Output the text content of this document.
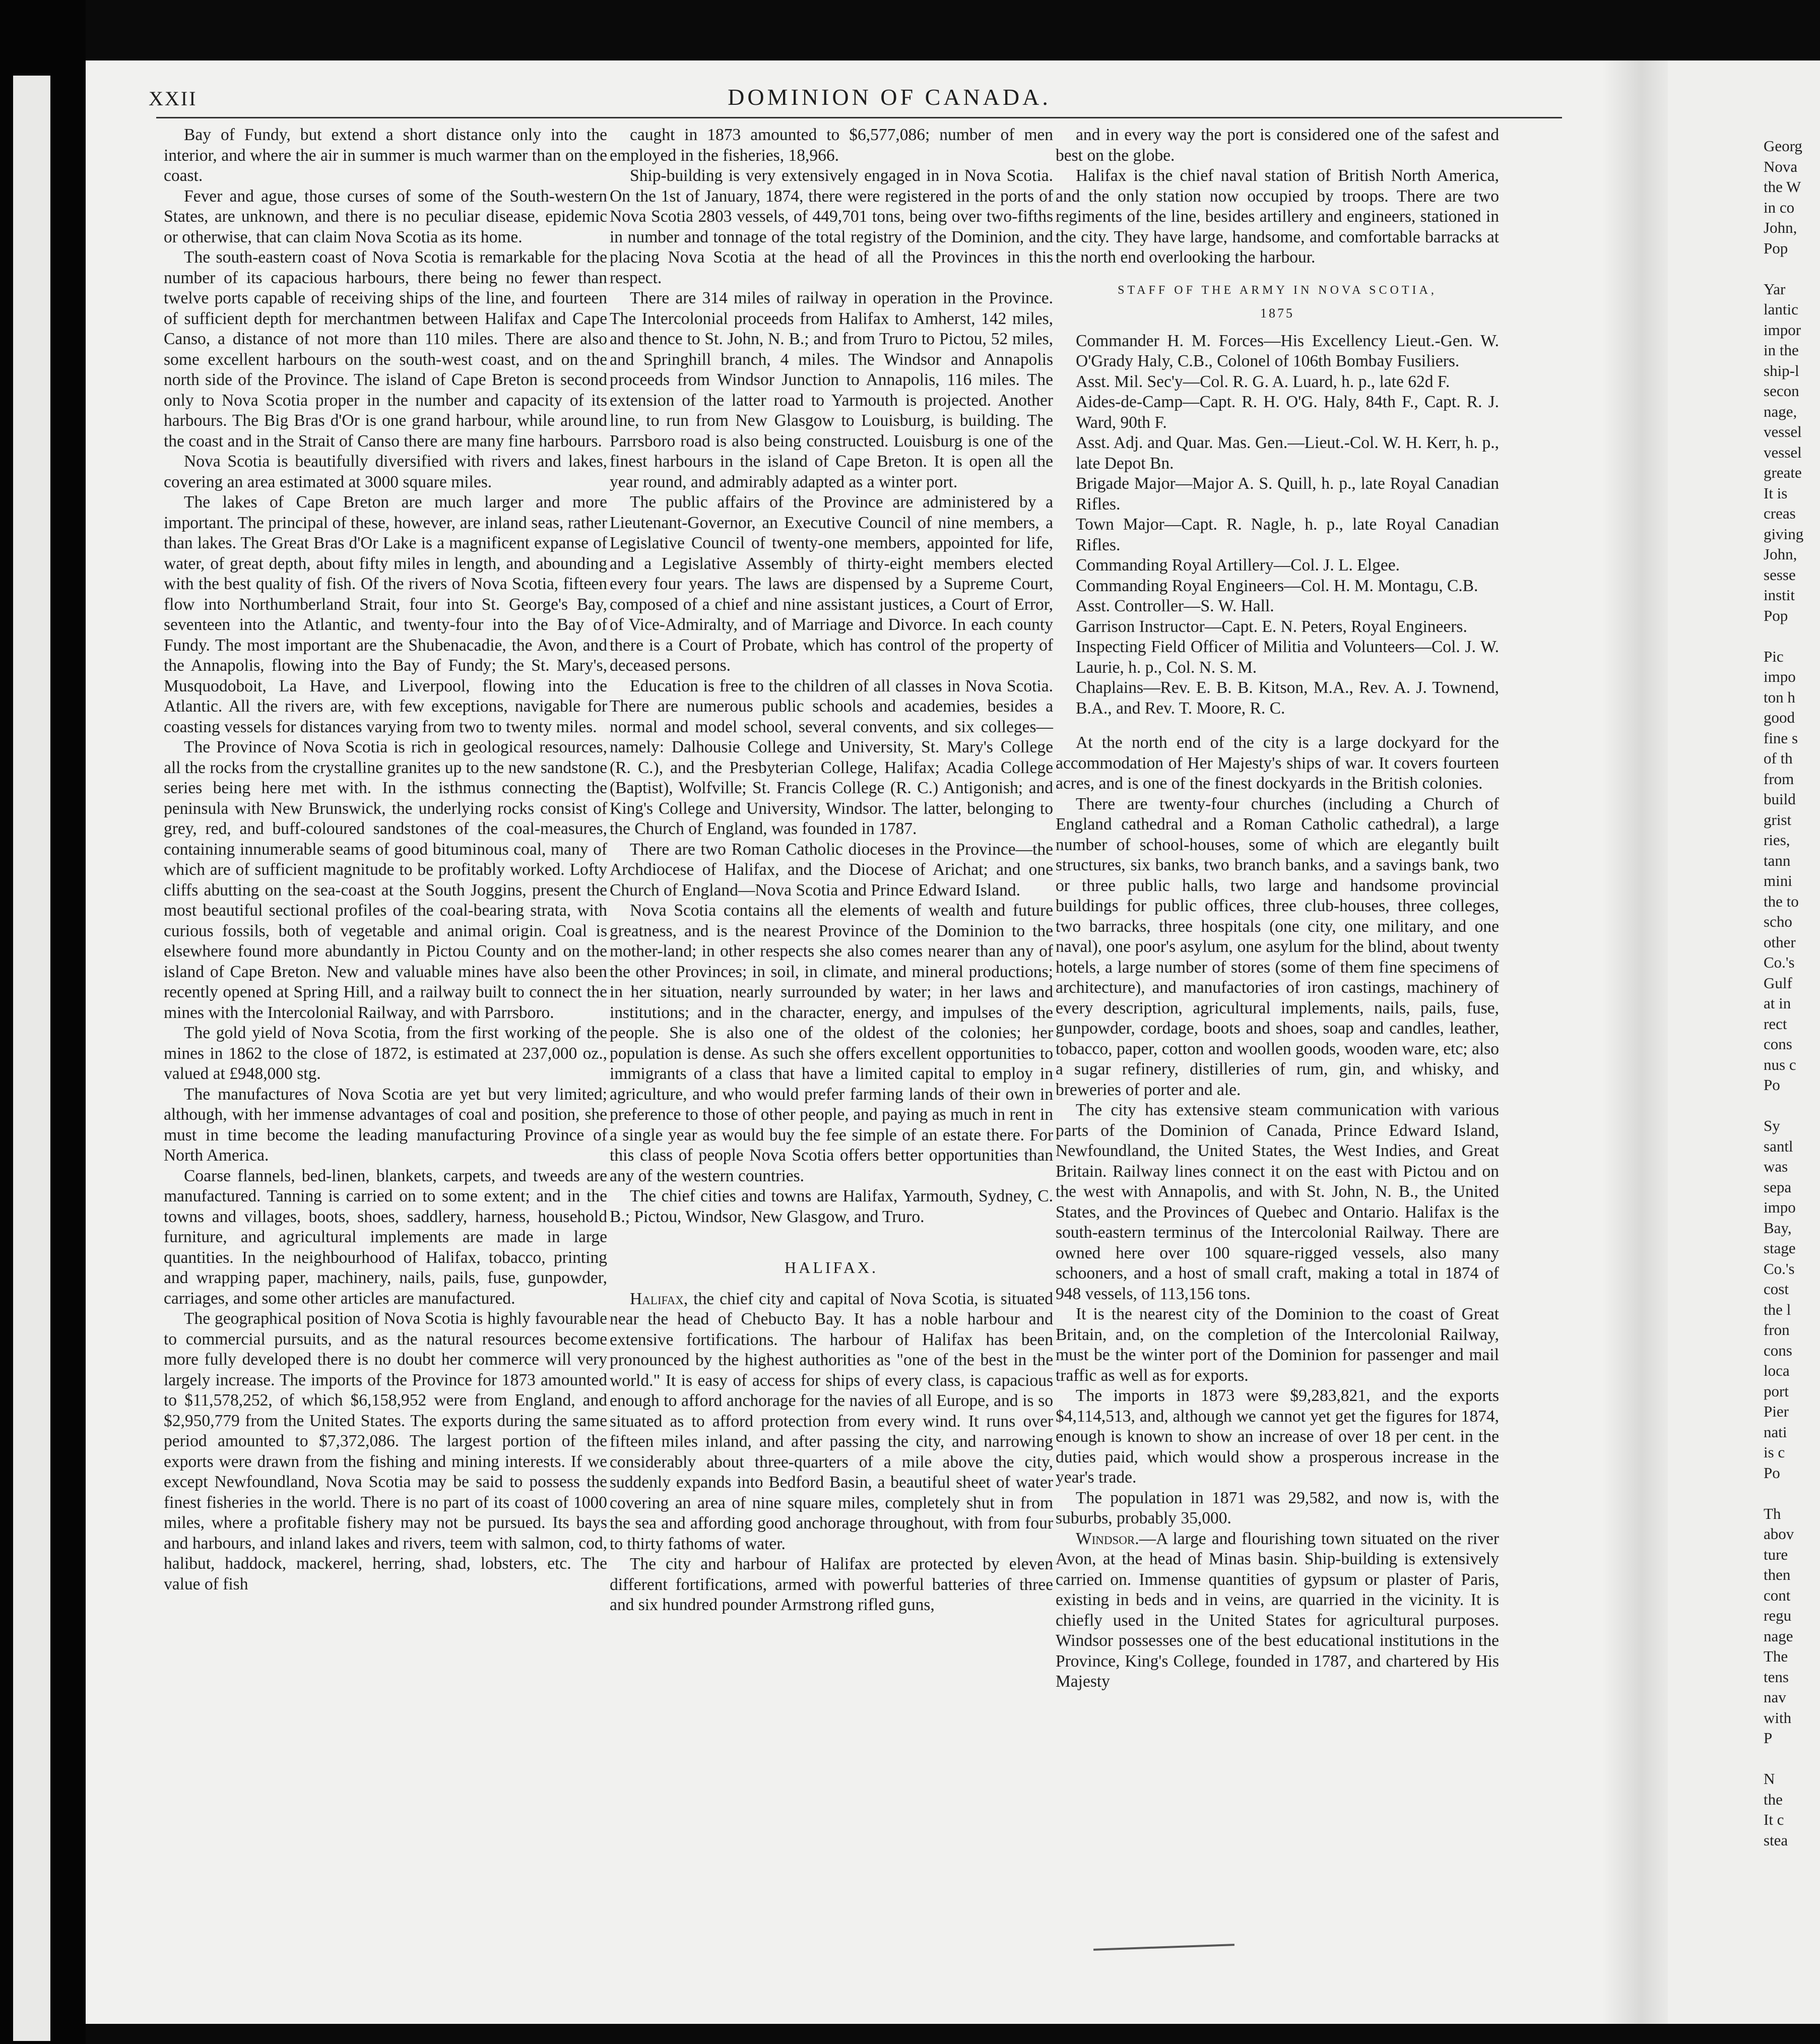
XXII	DOMINION OF CANADA.

Bay of Fundy, but extend a short distance only into the interior, and where the air in summer is much warmer than on the coast.

Fever and ague, those curses of some of the South-western States, are unknown, and there is no peculiar disease, epidemic or otherwise, that can claim Nova Scotia as its home.

The south-eastern coast of Nova Scotia is remarkable for the number of its capacious harbours, there being no fewer than twelve ports capable of receiving ships of the line, and fourteen of sufficient depth for merchantmen between Halifax and Cape Canso, a distance of not more than 110 miles. There are also some excellent harbours on the south-west coast, and on the north side of the Province. The island of Cape Breton is second only to Nova Scotia proper in the number and capacity of its harbours. The Big Bras d'Or is one grand harbour, while around the coast and in the Strait of Canso there are many fine harbours.

Nova Scotia is beautifully diversified with rivers and lakes, covering an area estimated at 3000 square miles.

The lakes of Cape Breton are much larger and more important. The principal of these, however, are inland seas, rather than lakes. The Great Bras d'Or Lake is a magnificent expanse of water, of great depth, about fifty miles in length, and abounding with the best quality of fish. Of the rivers of Nova Scotia, fifteen flow into Northumberland Strait, four into St. George's Bay, seventeen into the Atlantic, and twenty-four into the Bay of Fundy. The most important are the Shubenacadie, the Avon, and the Annapolis, flowing into the Bay of Fundy; the St. Mary's, Musquodoboit, La Have, and Liverpool, flowing into the Atlantic. All the rivers are, with few exceptions, navigable for coasting vessels for distances varying from two to twenty miles.

The Province of Nova Scotia is rich in geological resources, all the rocks from the crystalline granites up to the new sandstone series being here met with. In the isthmus connecting the peninsula with New Brunswick, the underlying rocks consist of grey, red, and buff-coloured sandstones of the coal-measures, containing innumerable seams of good bituminous coal, many of which are of sufficient magnitude to be profitably worked. Lofty cliffs abutting on the sea-coast at the South Joggins, present the most beautiful sectional profiles of the coal-bearing strata, with curious fossils, both of vegetable and animal origin. Coal is elsewhere found more abundantly in Pictou County and on the island of Cape Breton. New and valuable mines have also been recently opened at Spring Hill, and a railway built to connect the mines with the Intercolonial Railway, and with Parrsboro.

The gold yield of Nova Scotia, from the first working of the mines in 1862 to the close of 1872, is estimated at 237,000 oz., valued at £948,000 stg.

The manufactures of Nova Scotia are yet but very limited; although, with her immense advantages of coal and position, she must in time become the leading manufacturing Province of North America.

Coarse flannels, bed-linen, blankets, carpets, and tweeds are manufactured. Tanning is carried on to some extent; and in the towns and villages, boots, shoes, saddlery, harness, household furniture, and agricultural implements are made in large quantities. In the neighbourhood of Halifax, tobacco, printing and wrapping paper, machinery, nails, pails, fuse, gunpowder, carriages, and some other articles are manufactured.

The geographical position of Nova Scotia is highly favourable to commercial pursuits, and as the natural resources become more fully developed there is no doubt her commerce will very largely increase. The imports of the Province for 1873 amounted to $11,578,252, of which $6,158,952 were from England, and $2,950,779 from the United States. The exports during the same period amounted to $7,372,086. The largest portion of the exports were drawn from the fishing and mining interests. If we except Newfoundland, Nova Scotia may be said to possess the finest fisheries in the world. There is no part of its coast of 1000 miles, where a profitable fishery may not be pursued. Its bays and harbours, and inland lakes and rivers, teem with salmon, cod, halibut, haddock, mackerel, herring, shad, lobsters, etc. The value of fish

caught in 1873 amounted to $6,577,086; number of men employed in the fisheries, 18,966.

Ship-building is very extensively engaged in in Nova Scotia. On the 1st of January, 1874, there were registered in the ports of Nova Scotia 2803 vessels, of 449,701 tons, being over two-fifths in number and tonnage of the total registry of the Dominion, and placing Nova Scotia at the head of all the Provinces in this respect.

There are 314 miles of railway in operation in the Province. The Intercolonial proceeds from Halifax to Amherst, 142 miles, and thence to St. John, N. B.; and from Truro to Pictou, 52 miles, and Springhill branch, 4 miles. The Windsor and Annapolis proceeds from Windsor Junction to Annapolis, 116 miles. The extension of the latter road to Yarmouth is projected. Another line, to run from New Glasgow to Louisburg, is building. The Parrsboro road is also being constructed. Louisburg is one of the finest harbours in the island of Cape Breton. It is open all the year round, and admirably adapted as a winter port.

The public affairs of the Province are administered by a Lieutenant-Governor, an Executive Council of nine members, a Legislative Council of twenty-one members, appointed for life, and a Legislative Assembly of thirty-eight members elected every four years. The laws are dispensed by a Supreme Court, composed of a chief and nine assistant justices, a Court of Error, of Vice-Admiralty, and of Marriage and Divorce. In each county there is a Court of Probate, which has control of the property of deceased persons.

Education is free to the children of all classes in Nova Scotia. There are numerous public schools and academies, besides a normal and model school, several convents, and six colleges—namely: Dalhousie College and University, St. Mary's College (R. C.), and the Presbyterian College, Halifax; Acadia College (Baptist), Wolfville; St. Francis College (R. C.) Antigonish; and King's College and University, Windsor. The latter, belonging to the Church of England, was founded in 1787.

There are two Roman Catholic dioceses in the Province—the Archdiocese of Halifax, and the Diocese of Arichat; and one Church of England—Nova Scotia and Prince Edward Island.

Nova Scotia contains all the elements of wealth and future greatness, and is the nearest Province of the Dominion to the mother-land; in other respects she also comes nearer than any of the other Provinces; in soil, in climate, and mineral productions; in her situation, nearly surrounded by water; in her laws and institutions; and in the character, energy, and impulses of the people. She is also one of the oldest of the colonies; her population is dense. As such she offers excellent opportunities to immigrants of a class that have a limited capital to employ in agriculture, and who would prefer farming lands of their own in preference to those of other people, and paying as much in rent in a single year as would buy the fee simple of an estate there. For this class of people Nova Scotia offers better opportunities than any of the western countries.

The chief cities and towns are Halifax, Yarmouth, Sydney, C. B.; Pictou, Windsor, New Glasgow, and Truro.

HALIFAX.

Halifax, the chief city and capital of Nova Scotia, is situated near the head of Chebucto Bay. It has a noble harbour and extensive fortifications. The harbour of Halifax has been pronounced by the highest authorities as "one of the best in the world." It is easy of access for ships of every class, is capacious enough to afford anchorage for the navies of all Europe, and is so situated as to afford protection from every wind. It runs over fifteen miles inland, and after passing the city, and narrowing considerably about three-quarters of a mile above the city, suddenly expands into Bedford Basin, a beautiful sheet of water covering an area of nine square miles, completely shut in from the sea and affording good anchorage throughout, with from four to thirty fathoms of water.

The city and harbour of Halifax are protected by eleven different fortifications, armed with powerful batteries of three and six hundred pounder Armstrong rifled guns,

and in every way the port is considered one of the safest and best on the globe.

Halifax is the chief naval station of British North America, and the only station now occupied by troops. There are two regiments of the line, besides artillery and engineers, stationed in the city. They have large, handsome, and comfortable barracks at the north end overlooking the harbour.

STAFF OF THE ARMY IN NOVA SCOTIA,

1875

Commander H. M. Forces—His Excellency Lieut.-Gen. W. O'Grady Haly, C.B., Colonel of 106th Bombay Fusiliers.

Asst. Mil. Sec'y—Col. R. G. A. Luard, h. p., late 62d F.

Aides-de-Camp—Capt. R. H. O'G. Haly, 84th F., Capt. R. J. Ward, 90th F.

Asst. Adj. and Quar. Mas. Gen.—Lieut.-Col. W. H. Kerr, h. p., late Depot Bn.

Brigade Major—Major A. S. Quill, h. p., late Royal Canadian Rifles.

Town Major—Capt. R. Nagle, h. p., late Royal Canadian Rifles.

Commanding Royal Artillery—Col. J. L. Elgee.

Commanding Royal Engineers—Col. H. M. Montagu, C.B.

Asst. Controller—S. W. Hall.

Garrison Instructor—Capt. E. N. Peters, Royal Engineers.

Inspecting Field Officer of Militia and Volunteers—Col. J. W. Laurie, h. p., Col. N. S. M.

Chaplains—Rev. E. B. B. Kitson, M.A., Rev. A. J. Townend, B.A., and Rev. T. Moore, R. C.

At the north end of the city is a large dockyard for the accommodation of Her Majesty's ships of war. It covers fourteen acres, and is one of the finest dockyards in the British colonies.

There are twenty-four churches (including a Church of England cathedral and a Roman Catholic cathedral), a large number of school-houses, some of which are elegantly built structures, six banks, two branch banks, and a savings bank, two or three public halls, two large and handsome provincial buildings for public offices, three club-houses, three colleges, two barracks, three hospitals (one city, one military, and one naval), one poor's asylum, one asylum for the blind, about twenty hotels, a large number of stores (some of them fine specimens of architecture), and manufactories of iron castings, machinery of every description, agricultural implements, nails, pails, fuse, gunpowder, cordage, boots and shoes, soap and candles, leather, tobacco, paper, cotton and woollen goods, wooden ware, etc; also a sugar refinery, distilleries of rum, gin, and whisky, and breweries of porter and ale.

The city has extensive steam communication with various parts of the Dominion of Canada, Prince Edward Island, Newfoundland, the United States, the West Indies, and Great Britain. Railway lines connect it on the east with Pictou and on the west with Annapolis, and with St. John, N. B., the United States, and the Provinces of Quebec and Ontario. Halifax is the south-eastern terminus of the Intercolonial Railway. There are owned here over 100 square-rigged vessels, also many schooners, and a host of small craft, making a total in 1874 of 948 vessels, of 113,156 tons.

It is the nearest city of the Dominion to the coast of Great Britain, and, on the completion of the Intercolonial Railway, must be the winter port of the Dominion for passenger and mail traffic as well as for exports.

The imports in 1873 were $9,283,821, and the exports $4,114,513, and, although we cannot yet get the figures for 1874, enough is known to show an increase of over 18 per cent. in the duties paid, which would show a prosperous increase in the year's trade.

The population in 1871 was 29,582, and now is, with the suburbs, probably 35,000.

Windsor.—A large and flourishing town situated on the river Avon, at the head of Minas basin. Ship-building is extensively carried on. Immense quantities of gypsum or plaster of Paris, existing in beds and in veins, are quarried in the vicinity. It is chiefly used in the United States for agricultural purposes. Windsor possesses one of the best educational institutions in the Province, King's College, founded in 1787, and chartered by His Majesty

Georg
Nova
the W
in co
John,
Pop
Yar
lantic
impor
in the
ship-l
secon
nage,
vessel
vessel
greate
It is
creas
giving
John,
sesse
instit
Pop
Pic
impo
ton h
good
fine s
of th
from
build
grist
ries,
tann
mini
the to
scho
other
Co.'s
Gulf
at in
rect
cons
nus c
Po
Sy
santl
was
sepa
impo
Bay,
stage
Co.'s
cost
the l
fron
cons
loca
port
Pier
nati
is c
Po
Th
abov
ture
then
cont
regu
nage
The
tens
nav
with
P
N
the
It c
stea
